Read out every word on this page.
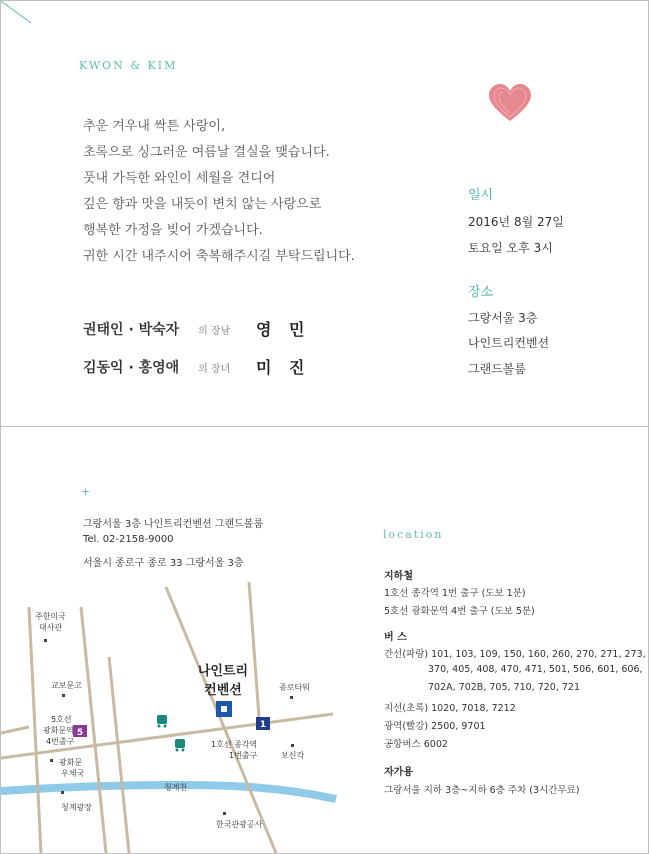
KWON & KIM
추운 겨우내 싹튼 사랑이,
초록으로 싱그러운 여름날 결실을 맺습니다.
풋내 가득한 와인이 세월을 견디어
깊은 향과 맛을 내듯이 변치 않는 사랑으로
행복한 가정을 빚어 가겠습니다.
귀한 시간 내주시어 축복해주시길 부탁드립니다.
권태인 · 박숙자 의 장남 영 민
김동익 · 홍영애 의 장녀 미 진
일시
2016년 8월 27일
토요일 오후 3시
장소
그랑서울 3층
나인트리컨벤션
그랜드볼룸
+
그랑서울 3층 나인트리컨벤션 그랜드볼룸
Tel. 02-2158-9000
서울시 종로구 종로 33 그랑서울 3층
location
지하철
1호선 종각역 1번 출구 (도보 1분)
5호선 광화문역 4번 출구 (도보 5분)
버 스
간선(파랑) 101, 103, 109, 150, 160, 260, 270, 271, 273,
370, 405, 408, 470, 471, 501, 506, 601, 606,
702A, 702B, 705, 710, 720, 721
지선(초록) 1020, 7018, 7212
광역(빨강) 2500, 9701
공항버스 6002
자가용
그랑서울 지하 3층~지하 6층 주차 (3시간무료)
나인트리
컨벤션
5
1
주한미국
대사관
교보문고
5호선
광화문역
4번출구
광화문
우체국
청계광장
종로타워
1호선 종각역
1번출구	보신각
청계천
한국관광공사
